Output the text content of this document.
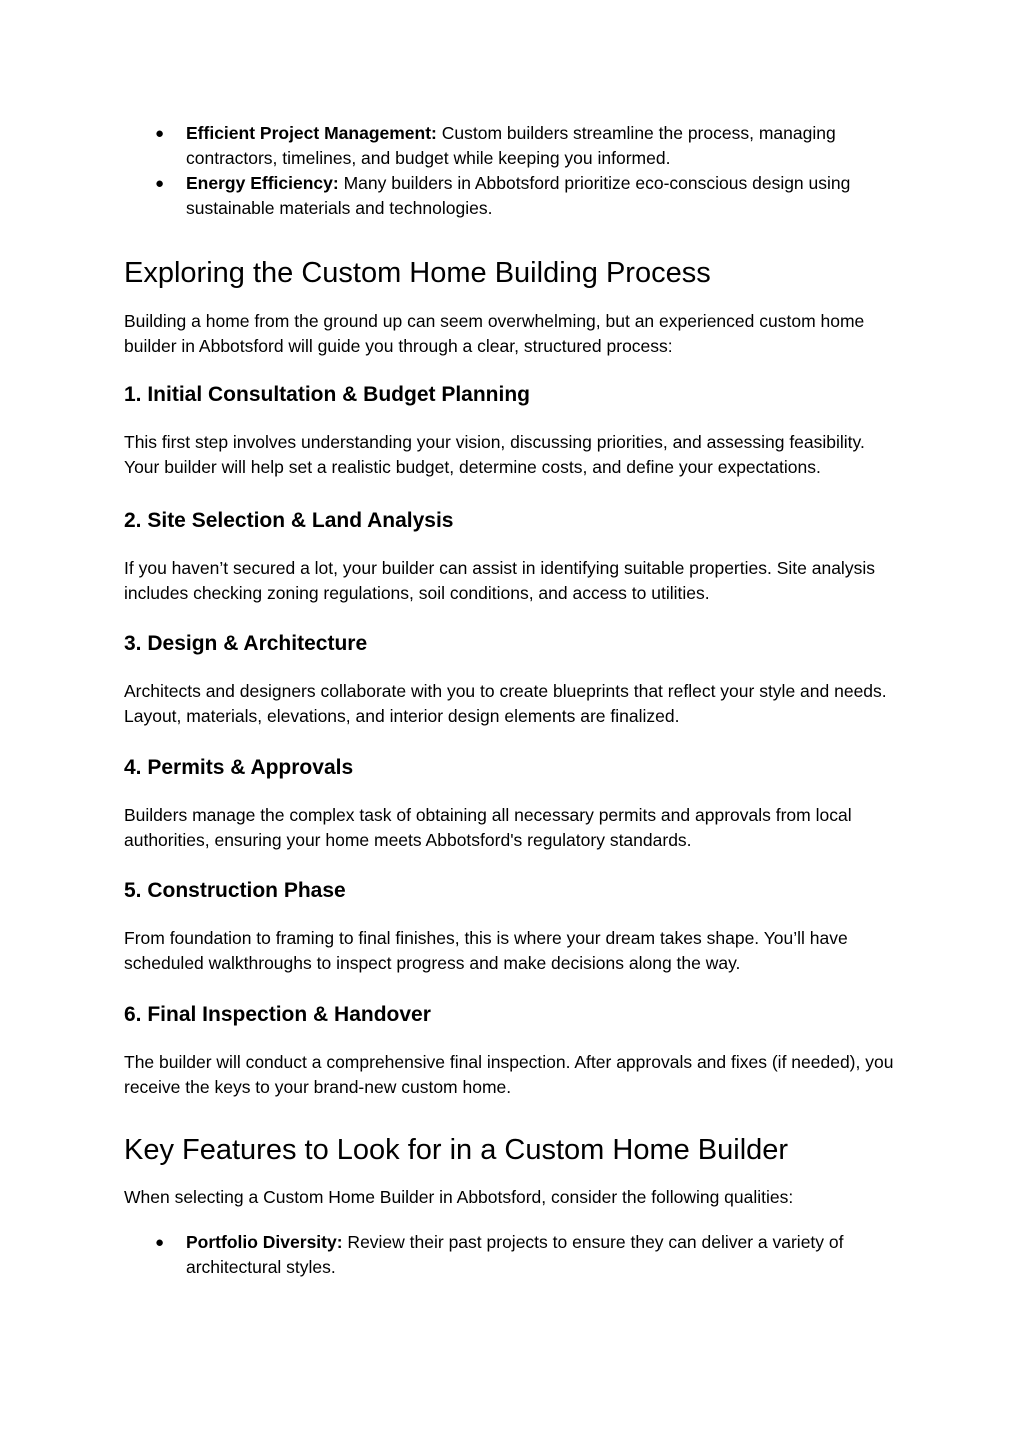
● Efficient Project Management: Custom builders streamline the process, managing contractors, timelines, and budget while keeping you informed.
● Energy Efficiency: Many builders in Abbotsford prioritize eco-conscious design using sustainable materials and technologies.
Exploring the Custom Home Building Process

Building a home from the ground up can seem overwhelming, but an experienced custom home builder in Abbotsford will guide you through a clear, structured process:

1. Initial Consultation & Budget Planning

This first step involves understanding your vision, discussing priorities, and assessing feasibility. Your builder will help set a realistic budget, determine costs, and define your expectations.

2. Site Selection & Land Analysis

If you haven’t secured a lot, your builder can assist in identifying suitable properties. Site analysis includes checking zoning regulations, soil conditions, and access to utilities.

3. Design & Architecture

Architects and designers collaborate with you to create blueprints that reflect your style and needs. Layout, materials, elevations, and interior design elements are finalized.

4. Permits & Approvals

Builders manage the complex task of obtaining all necessary permits and approvals from local authorities, ensuring your home meets Abbotsford's regulatory standards.

5. Construction Phase

From foundation to framing to final finishes, this is where your dream takes shape. You’ll have scheduled walkthroughs to inspect progress and make decisions along the way.

6. Final Inspection & Handover

The builder will conduct a comprehensive final inspection. After approvals and fixes (if needed), you receive the keys to your brand-new custom home.

Key Features to Look for in a Custom Home Builder

When selecting a Custom Home Builder in Abbotsford, consider the following qualities:

● Portfolio Diversity: Review their past projects to ensure they can deliver a variety of architectural styles.
